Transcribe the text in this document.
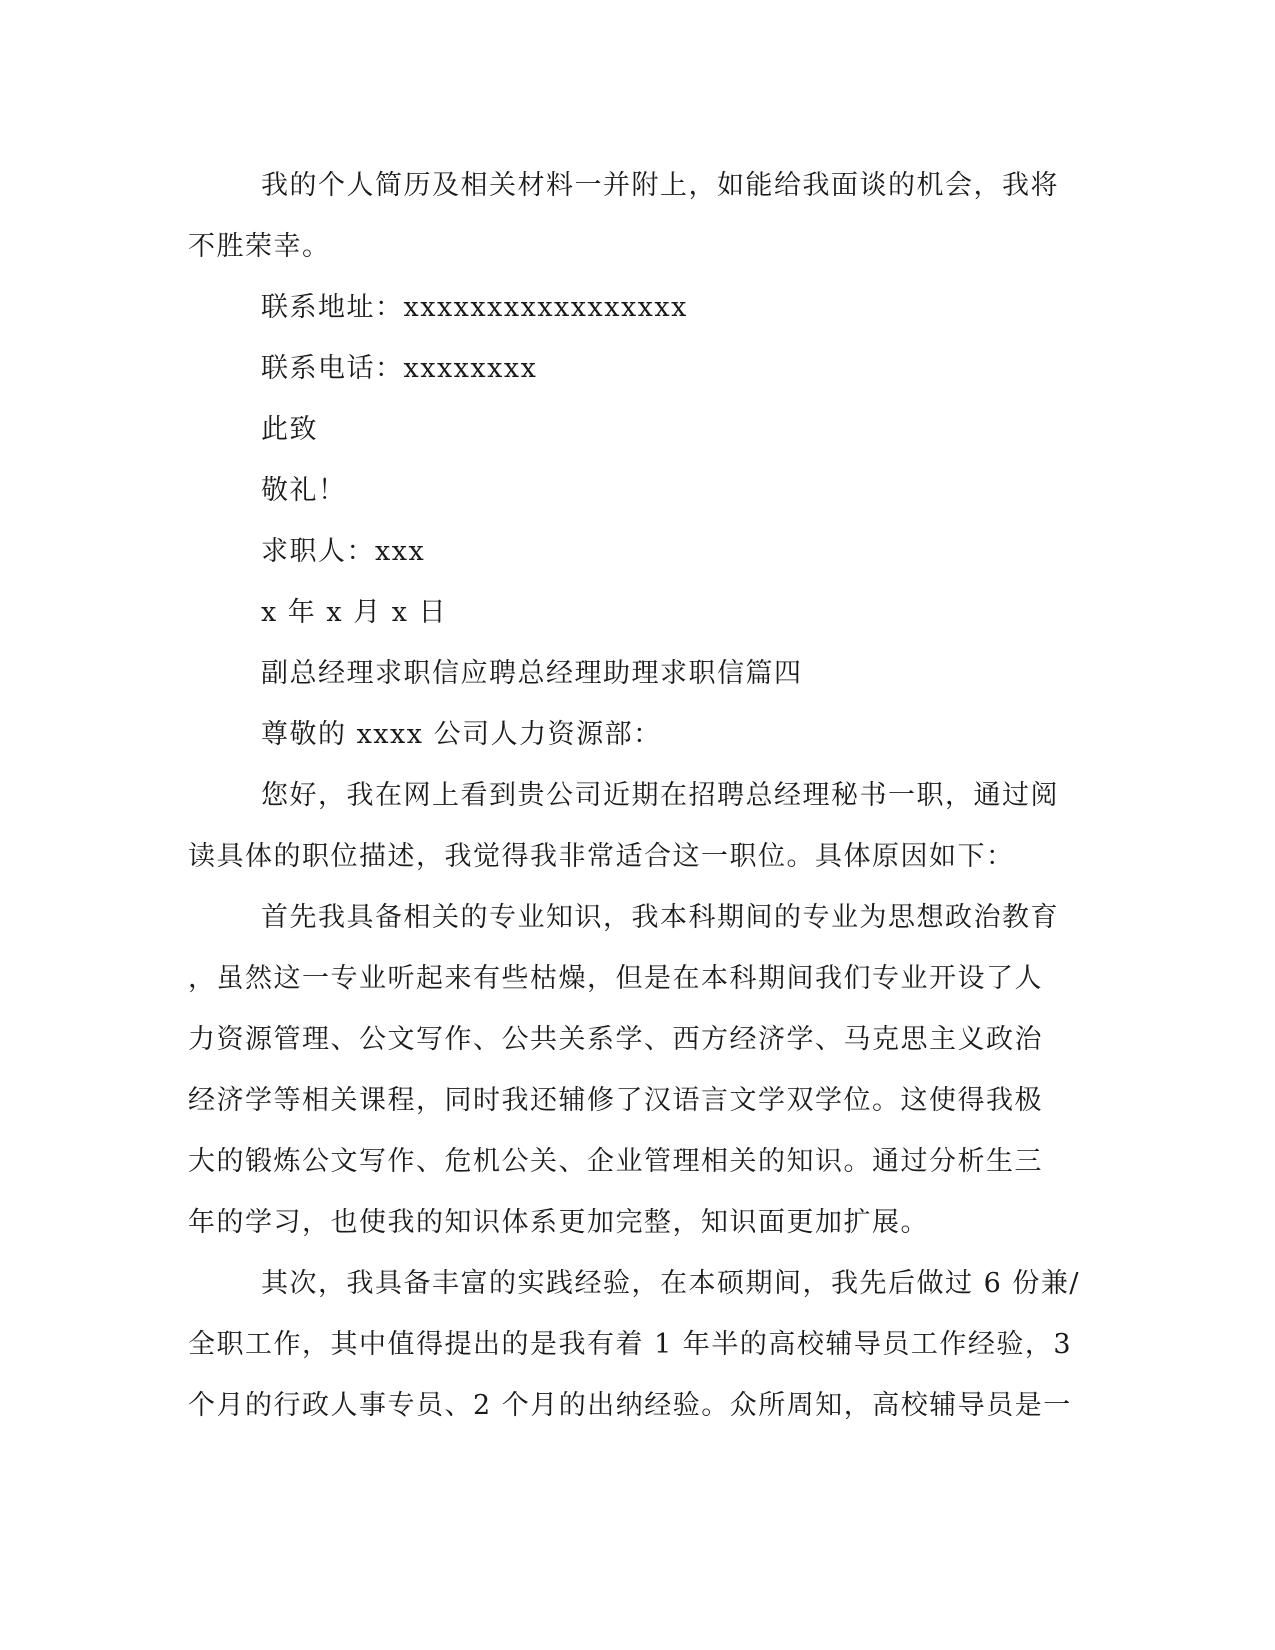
我的个人简历及相关材料一并附上，如能给我面谈的机会，我将
不胜荣幸。
联系地址：xxxxxxxxxxxxxxxxx
联系电话：xxxxxxxx
此致
敬礼！
求职人：xxx
x 年 x 月 x 日
副总经理求职信应聘总经理助理求职信篇四
尊敬的 xxxx 公司人力资源部：
您好，我在网上看到贵公司近期在招聘总经理秘书一职，通过阅
读具体的职位描述，我觉得我非常适合这一职位。具体原因如下：
首先我具备相关的专业知识，我本科期间的专业为思想政治教育
，虽然这一专业听起来有些枯燥，但是在本科期间我们专业开设了人
力资源管理、公文写作、公共关系学、西方经济学、马克思主义政治
经济学等相关课程，同时我还辅修了汉语言文学双学位。这使得我极
大的锻炼公文写作、危机公关、企业管理相关的知识。通过分析生三
年的学习，也使我的知识体系更加完整，知识面更加扩展。
其次，我具备丰富的实践经验，在本硕期间，我先后做过 6 份兼/
全职工作，其中值得提出的是我有着 1 年半的高校辅导员工作经验，3
个月的行政人事专员、2 个月的出纳经验。众所周知，高校辅导员是一
